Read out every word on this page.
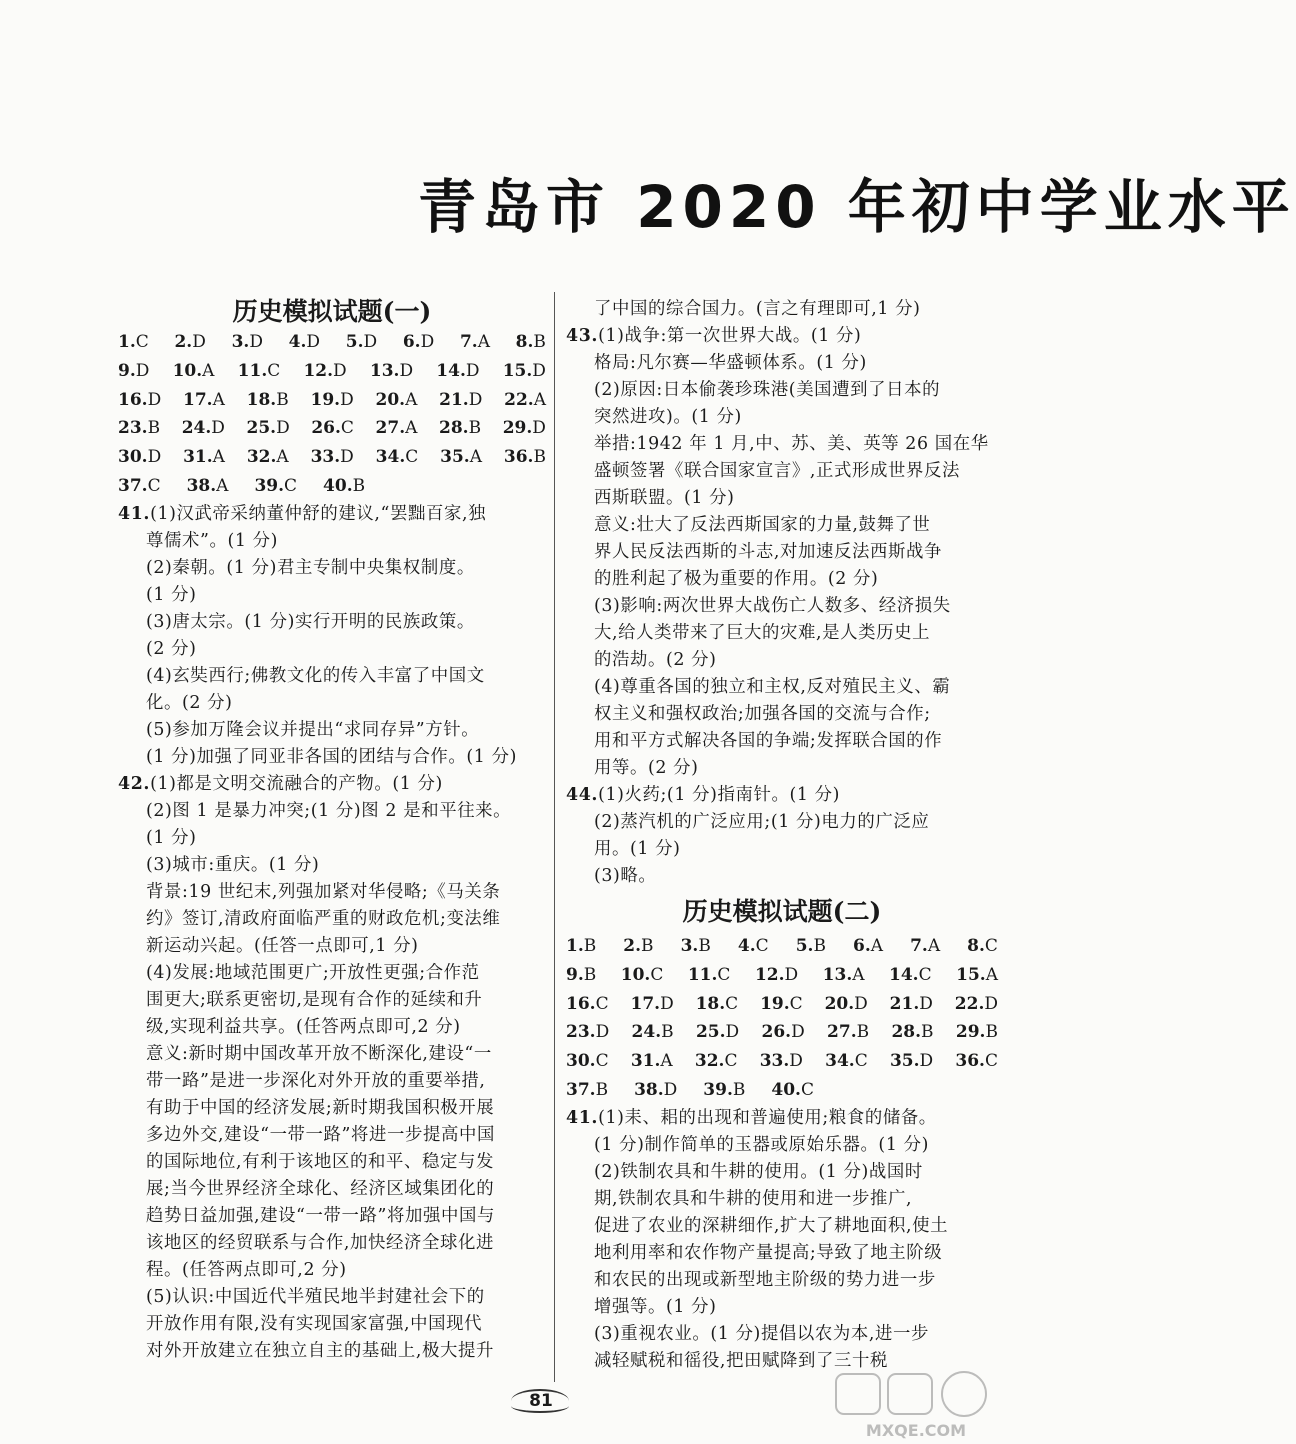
青岛市 2020 年初中学业水平
历史模拟试题(一)
1.C 2.D 3.D 4.D 5.D 6.D 7.A 8.B
9.D 10.A 11.C 12.D 13.D 14.D 15.D
16.D 17.A 18.B 19.D 20.A 21.D 22.A
23.B 24.D 25.D 26.C 27.A 28.B 29.D
30.D 31.A 32.A 33.D 34.C 35.A 36.B
37.C 38.A 39.C 40.B
41.(1)汉武帝采纳董仲舒的建议,“罢黜百家,独
尊儒术”。(1 分)
(2)秦朝。(1 分)君主专制中央集权制度。
(1 分)
(3)唐太宗。(1 分)实行开明的民族政策。
(2 分)
(4)玄奘西行;佛教文化的传入丰富了中国文
化。(2 分)
(5)参加万隆会议并提出“求同存异”方针。
(1 分)加强了同亚非各国的团结与合作。(1 分)
42.(1)都是文明交流融合的产物。(1 分)
(2)图 1 是暴力冲突;(1 分)图 2 是和平往来。
(1 分)
(3)城市:重庆。(1 分)
背景:19 世纪末,列强加紧对华侵略;《马关条
约》签订,清政府面临严重的财政危机;变法维
新运动兴起。(任答一点即可,1 分)
(4)发展:地域范围更广;开放性更强;合作范
围更大;联系更密切,是现有合作的延续和升
级,实现利益共享。(任答两点即可,2 分)
意义:新时期中国改革开放不断深化,建设“一
带一路”是进一步深化对外开放的重要举措,
有助于中国的经济发展;新时期我国积极开展
多边外交,建设“一带一路”将进一步提高中国
的国际地位,有利于该地区的和平、稳定与发
展;当今世界经济全球化、经济区域集团化的
趋势日益加强,建设“一带一路”将加强中国与
该地区的经贸联系与合作,加快经济全球化进
程。(任答两点即可,2 分)
(5)认识:中国近代半殖民地半封建社会下的
开放作用有限,没有实现国家富强,中国现代
对外开放建立在独立自主的基础上,极大提升
了中国的综合国力。(言之有理即可,1 分)
43.(1)战争:第一次世界大战。(1 分)
格局:凡尔赛—华盛顿体系。(1 分)
(2)原因:日本偷袭珍珠港(美国遭到了日本的
突然进攻)。(1 分)
举措:1942 年 1 月,中、苏、美、英等 26 国在华
盛顿签署《联合国家宣言》,正式形成世界反法
西斯联盟。(1 分)
意义:壮大了反法西斯国家的力量,鼓舞了世
界人民反法西斯的斗志,对加速反法西斯战争
的胜利起了极为重要的作用。(2 分)
(3)影响:两次世界大战伤亡人数多、经济损失
大,给人类带来了巨大的灾难,是人类历史上
的浩劫。(2 分)
(4)尊重各国的独立和主权,反对殖民主义、霸
权主义和强权政治;加强各国的交流与合作;
用和平方式解决各国的争端;发挥联合国的作
用等。(2 分)
44.(1)火药;(1 分)指南针。(1 分)
(2)蒸汽机的广泛应用;(1 分)电力的广泛应
用。(1 分)
(3)略。
历史模拟试题(二)
1.B 2.B 3.B 4.C 5.B 6.A 7.A 8.C
9.B 10.C 11.C 12.D 13.A 14.C 15.A
16.C 17.D 18.C 19.C 20.D 21.D 22.D
23.D 24.B 25.D 26.D 27.B 28.B 29.B
30.C 31.A 32.C 33.D 34.C 35.D 36.C
37.B 38.D 39.B 40.C
41.(1)耒、耜的出现和普遍使用;粮食的储备。
(1 分)制作简单的玉器或原始乐器。(1 分)
(2)铁制农具和牛耕的使用。(1 分)战国时
期,铁制农具和牛耕的使用和进一步推广,
促进了农业的深耕细作,扩大了耕地面积,使土
地利用率和农作物产量提高;导致了地主阶级
和农民的出现或新型地主阶级的势力进一步
增强等。(1 分)
(3)重视农业。(1 分)提倡以农为本,进一步
减轻赋税和徭役,把田赋降到了三十税
81
MXQE.COM
